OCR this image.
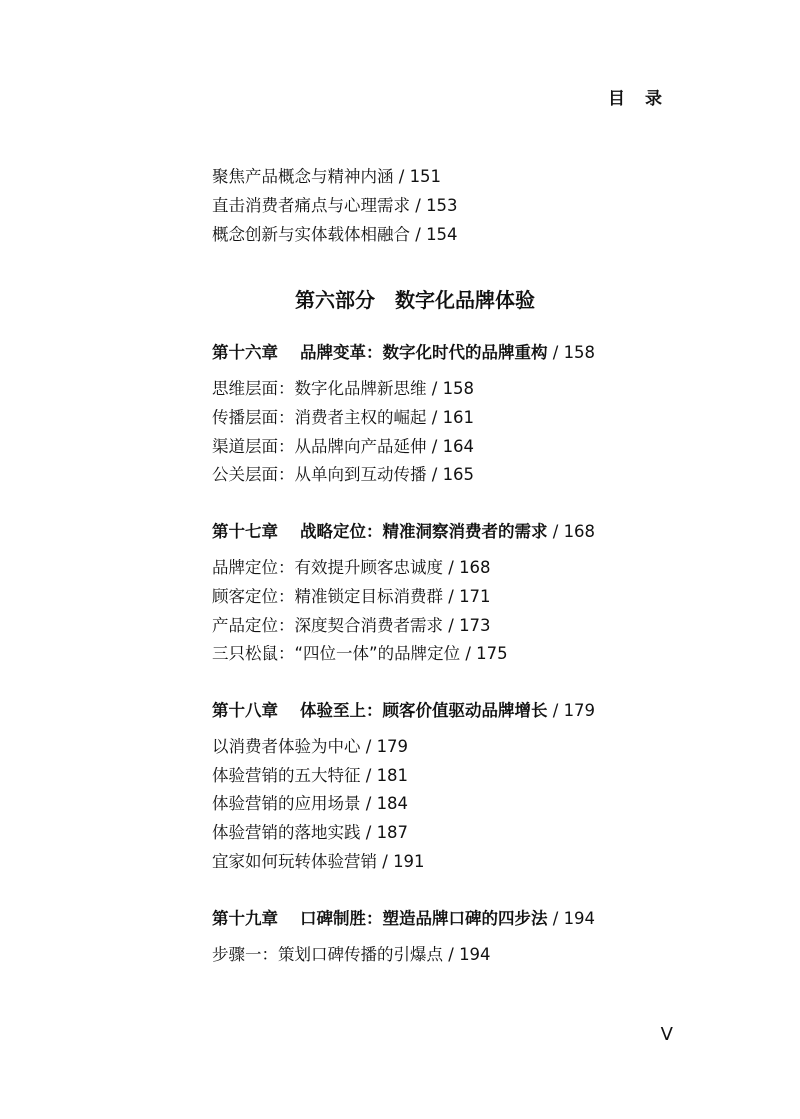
目录
聚焦产品概念与精神内涵 / 151
直击消费者痛点与心理需求 / 153
概念创新与实体载体相融合 / 154
第十六章 品牌变革：数字化时代的品牌重构 / 158
思维层面：数字化品牌新思维 / 158
传播层面：消费者主权的崛起 / 161
渠道层面：从品牌向产品延伸 / 164
公关层面：从单向到互动传播 / 165
第十七章 战略定位：精准洞察消费者的需求 / 168
品牌定位：有效提升顾客忠诚度 / 168
顾客定位：精准锁定目标消费群 / 171
产品定位：深度契合消费者需求 / 173
三只松鼠：“四位一体”的品牌定位 / 175
第十八章 体验至上：顾客价值驱动品牌增长 / 179
以消费者体验为中心 / 179
体验营销的五大特征 / 181
体验营销的应用场景 / 184
体验营销的落地实践 / 187
宜家如何玩转体验营销 / 191
第十九章 口碑制胜：塑造品牌口碑的四步法 / 194
步骤一：策划口碑传播的引爆点 / 194
第六部分 数字化品牌体验
V
